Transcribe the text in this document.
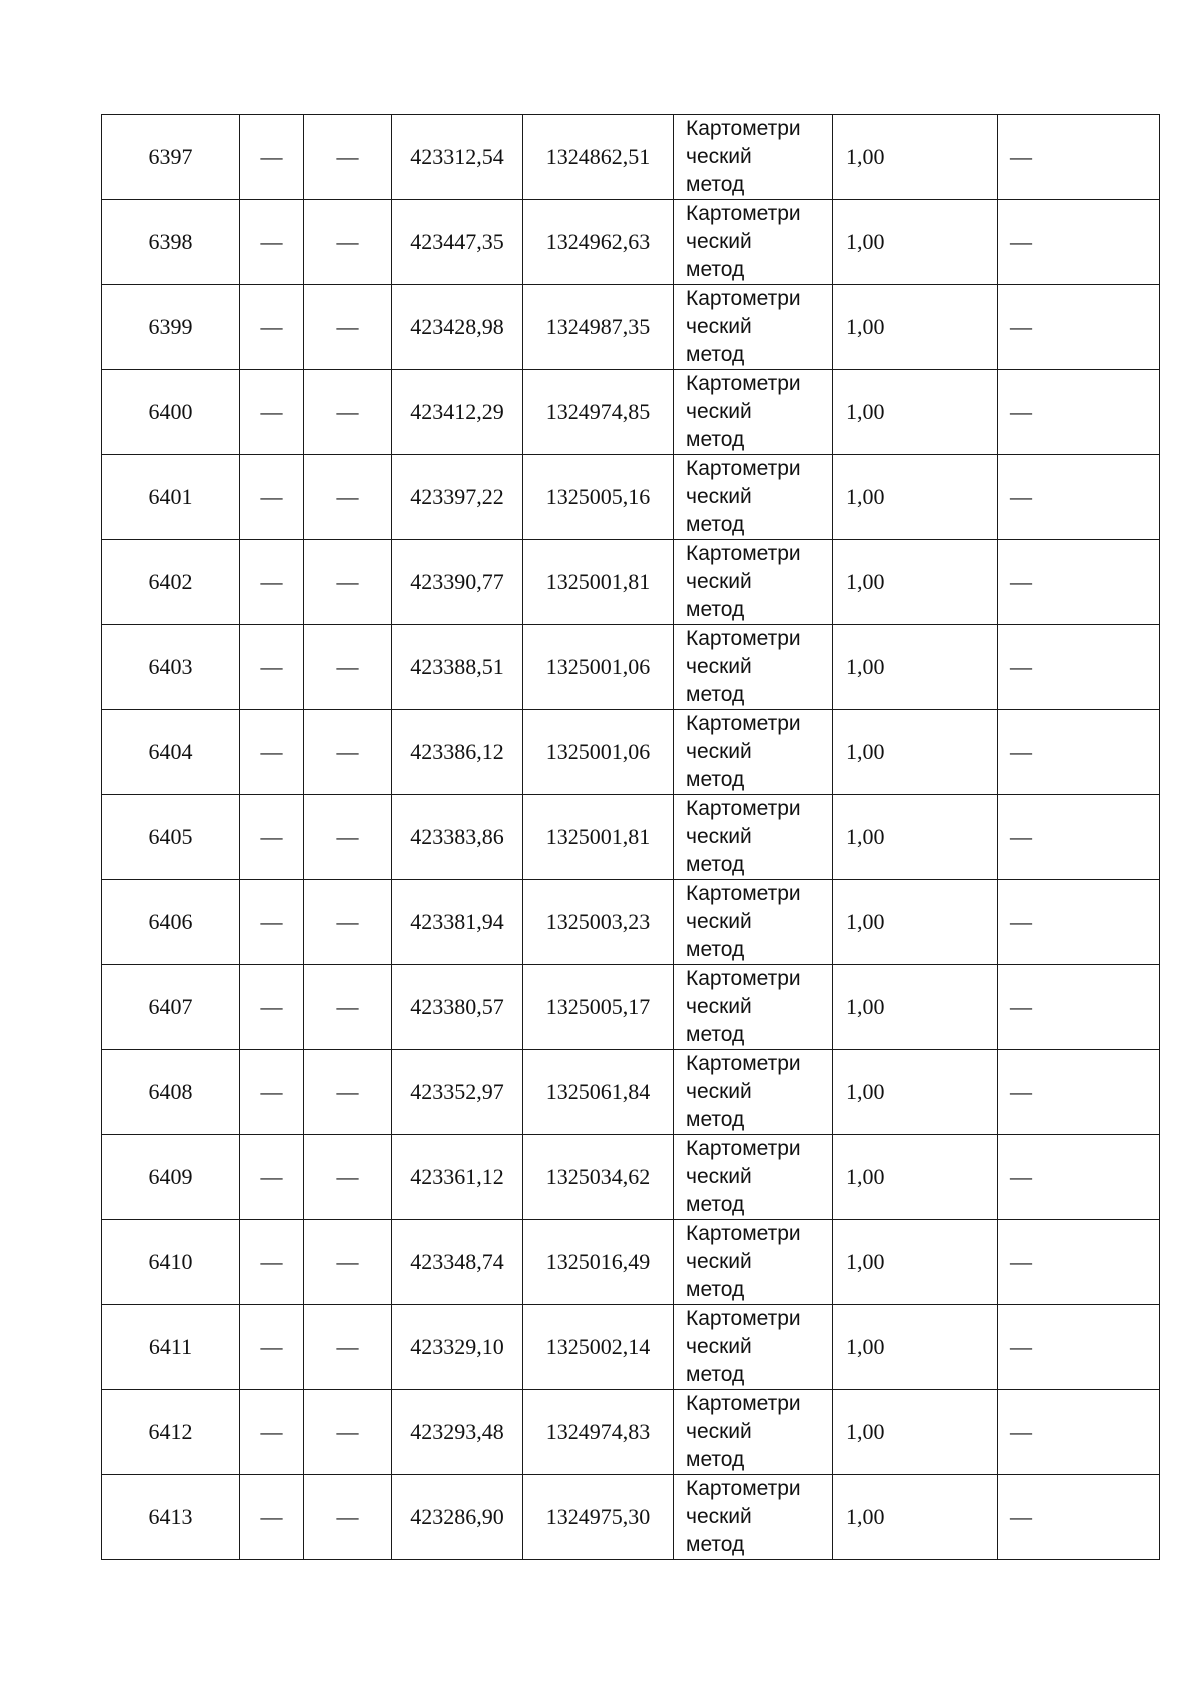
6397	—	—	423312,54	1324862,51	Картометри
ческий
метод	1,00	—
6398	—	—	423447,35	1324962,63	Картометри
ческий
метод	1,00	—
6399	—	—	423428,98	1324987,35	Картометри
ческий
метод	1,00	—
6400	—	—	423412,29	1324974,85	Картометри
ческий
метод	1,00	—
6401	—	—	423397,22	1325005,16	Картометри
ческий
метод	1,00	—
6402	—	—	423390,77	1325001,81	Картометри
ческий
метод	1,00	—
6403	—	—	423388,51	1325001,06	Картометри
ческий
метод	1,00	—
6404	—	—	423386,12	1325001,06	Картометри
ческий
метод	1,00	—
6405	—	—	423383,86	1325001,81	Картометри
ческий
метод	1,00	—
6406	—	—	423381,94	1325003,23	Картометри
ческий
метод	1,00	—
6407	—	—	423380,57	1325005,17	Картометри
ческий
метод	1,00	—
6408	—	—	423352,97	1325061,84	Картометри
ческий
метод	1,00	—
6409	—	—	423361,12	1325034,62	Картометри
ческий
метод	1,00	—
6410	—	—	423348,74	1325016,49	Картометри
ческий
метод	1,00	—
6411	—	—	423329,10	1325002,14	Картометри
ческий
метод	1,00	—
6412	—	—	423293,48	1324974,83	Картометри
ческий
метод	1,00	—
6413	—	—	423286,90	1324975,30	Картометри
ческий
метод	1,00	—
